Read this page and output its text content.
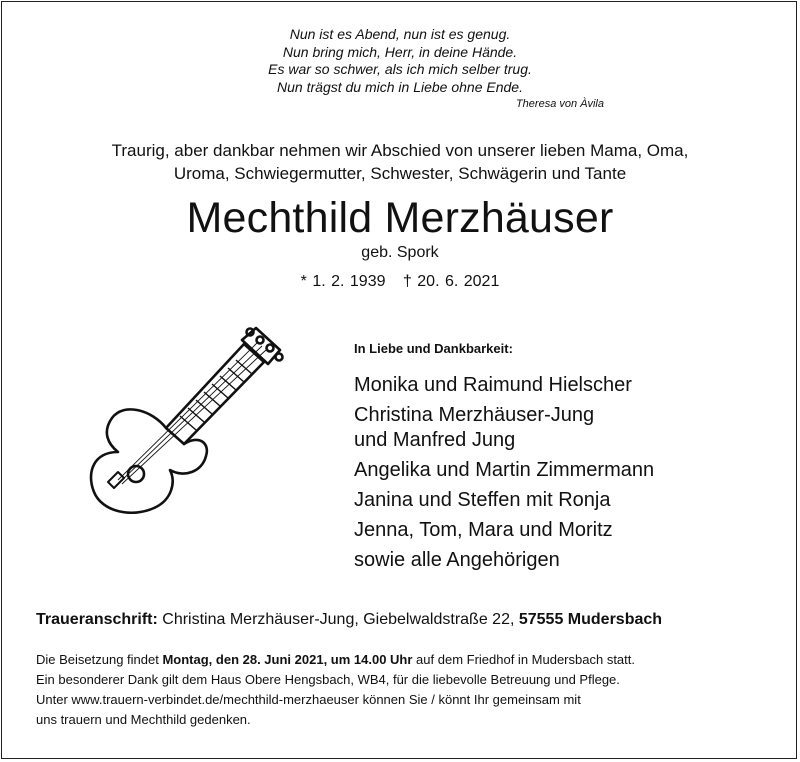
Nun ist es Abend, nun ist es genug.
Nun bring mich, Herr, in deine Hände.
Es war so schwer, als ich mich selber trug.
Nun trägst du mich in Liebe ohne Ende.
Theresa von Àvila
Traurig, aber dankbar nehmen wir Abschied von unserer lieben Mama, Oma,
Uroma, Schwiegermutter, Schwester, Schwägerin und Tante
Mechthild Merzhäuser
geb. Spork
* 1. 2. 1939 † 20. 6. 2021
In Liebe und Dankbarkeit:
Monika und Raimund Hielscher
Christina Merzhäuser-Jung
und Manfred Jung
Angelika und Martin Zimmermann
Janina und Steffen mit Ronja
Jenna, Tom, Mara und Moritz
sowie alle Angehörigen
Traueranschrift: Christina Merzhäuser-Jung, Giebelwaldstraße 22, 57555 Mudersbach
Die Beisetzung findet Montag, den 28. Juni 2021, um 14.00 Uhr auf dem Friedhof in Mudersbach statt.
Ein besonderer Dank gilt dem Haus Obere Hengsbach, WB4, für die liebevolle Betreuung und Pflege.
Unter www.trauern-verbindet.de/mechthild-merzhaeuser können Sie / könnt Ihr gemeinsam mit
uns trauern und Mechthild gedenken.
